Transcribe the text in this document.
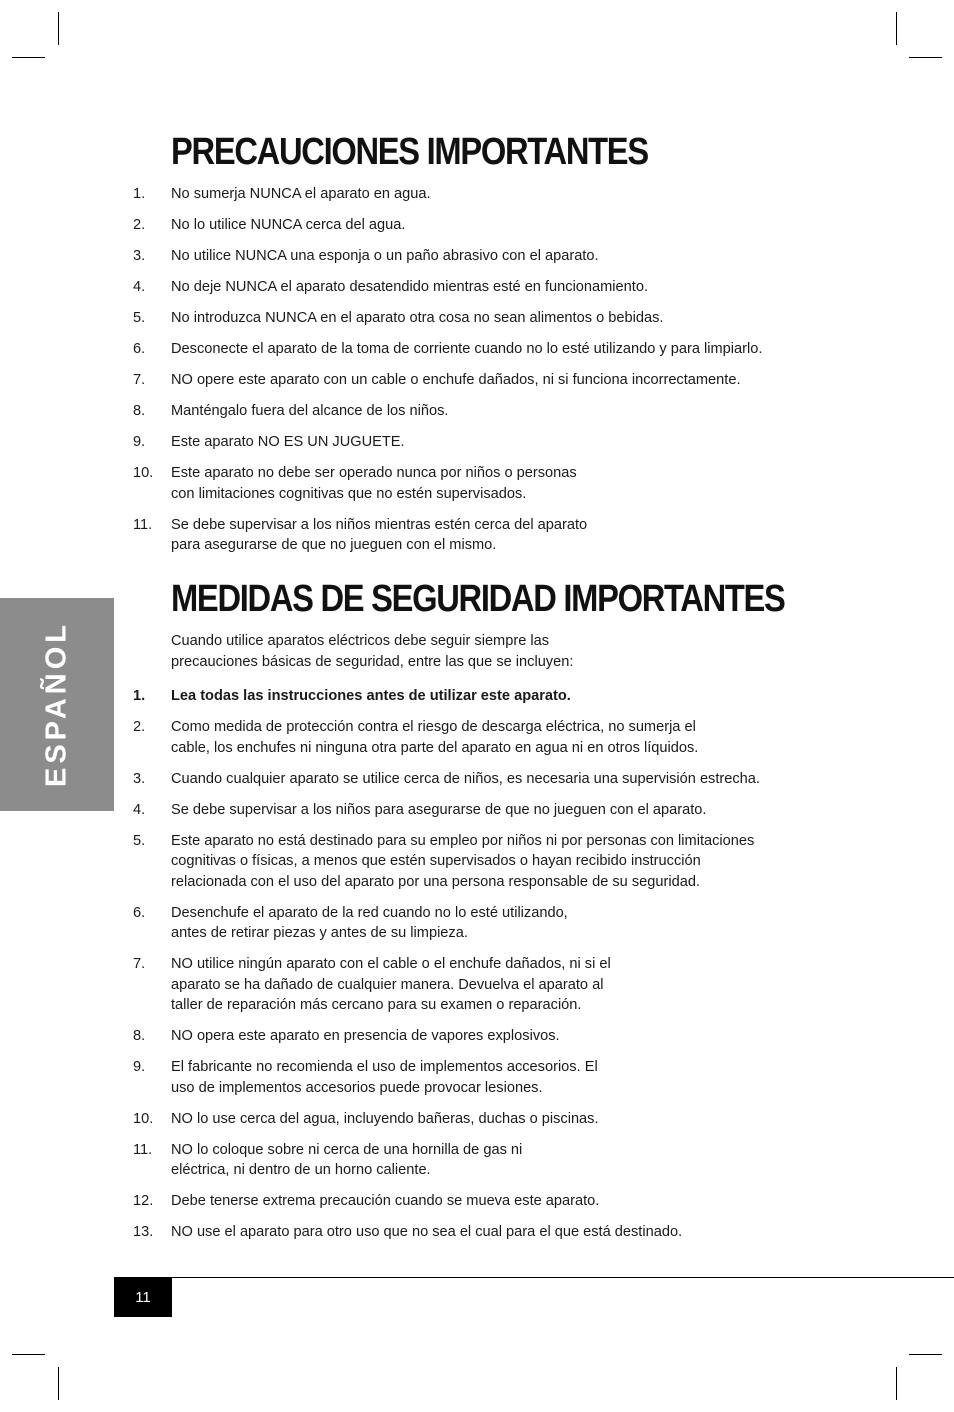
ESPAÑOL
PRECAUCIONES IMPORTANTES
1.	No sumerja NUNCA el aparato en agua.
2.	No lo utilice NUNCA cerca del agua.
3.	No utilice NUNCA una esponja o un paño abrasivo con el aparato.
4.	No deje NUNCA el aparato desatendido mientras esté en funcionamiento.
5.	No introduzca NUNCA en el aparato otra cosa no sean alimentos o bebidas.
6.	Desconecte el aparato de la toma de corriente cuando no lo esté utilizando y para limpiarlo.
7.	NO opere este aparato con un cable o enchufe dañados, ni si funciona incorrectamente.
8.	Manténgalo fuera del alcance de los niños.
9.	Este aparato NO ES UN JUGUETE.
10.	Este aparato no debe ser operado nunca por niños o personas
con limitaciones cognitivas que no estén supervisados.
11.	Se debe supervisar a los niños mientras estén cerca del aparato
para asegurarse de que no jueguen con el mismo.
MEDIDAS DE SEGURIDAD IMPORTANTES

Cuando utilice aparatos eléctricos debe seguir siempre las
precauciones básicas de seguridad, entre las que se incluyen:

1.	Lea todas las instrucciones antes de utilizar este aparato.
2.	Como medida de protección contra el riesgo de descarga eléctrica, no sumerja el
cable, los enchufes ni ninguna otra parte del aparato en agua ni en otros líquidos.
3.	Cuando cualquier aparato se utilice cerca de niños, es necesaria una supervisión estrecha.
4.	Se debe supervisar a los niños para asegurarse de que no jueguen con el aparato.
5.	Este aparato no está destinado para su empleo por niños ni por personas con limitaciones
cognitivas o físicas, a menos que estén supervisados o hayan recibido instrucción
relacionada con el uso del aparato por una persona responsable de su seguridad.
6.	Desenchufe el aparato de la red cuando no lo esté utilizando,
antes de retirar piezas y antes de su limpieza.
7.	NO utilice ningún aparato con el cable o el enchufe dañados, ni si el
aparato se ha dañado de cualquier manera. Devuelva el aparato al
taller de reparación más cercano para su examen o reparación.
8.	NO opera este aparato en presencia de vapores explosivos.
9.	El fabricante no recomienda el uso de implementos accesorios. El
uso de implementos accesorios puede provocar lesiones.
10.	NO lo use cerca del agua, incluyendo bañeras, duchas o piscinas.
11.	NO lo coloque sobre ni cerca de una hornilla de gas ni
eléctrica, ni dentro de un horno caliente.
12.	Debe tenerse extrema precaución cuando se mueva este aparato.
13.	NO use el aparato para otro uso que no sea el cual para el que está destinado.
11
